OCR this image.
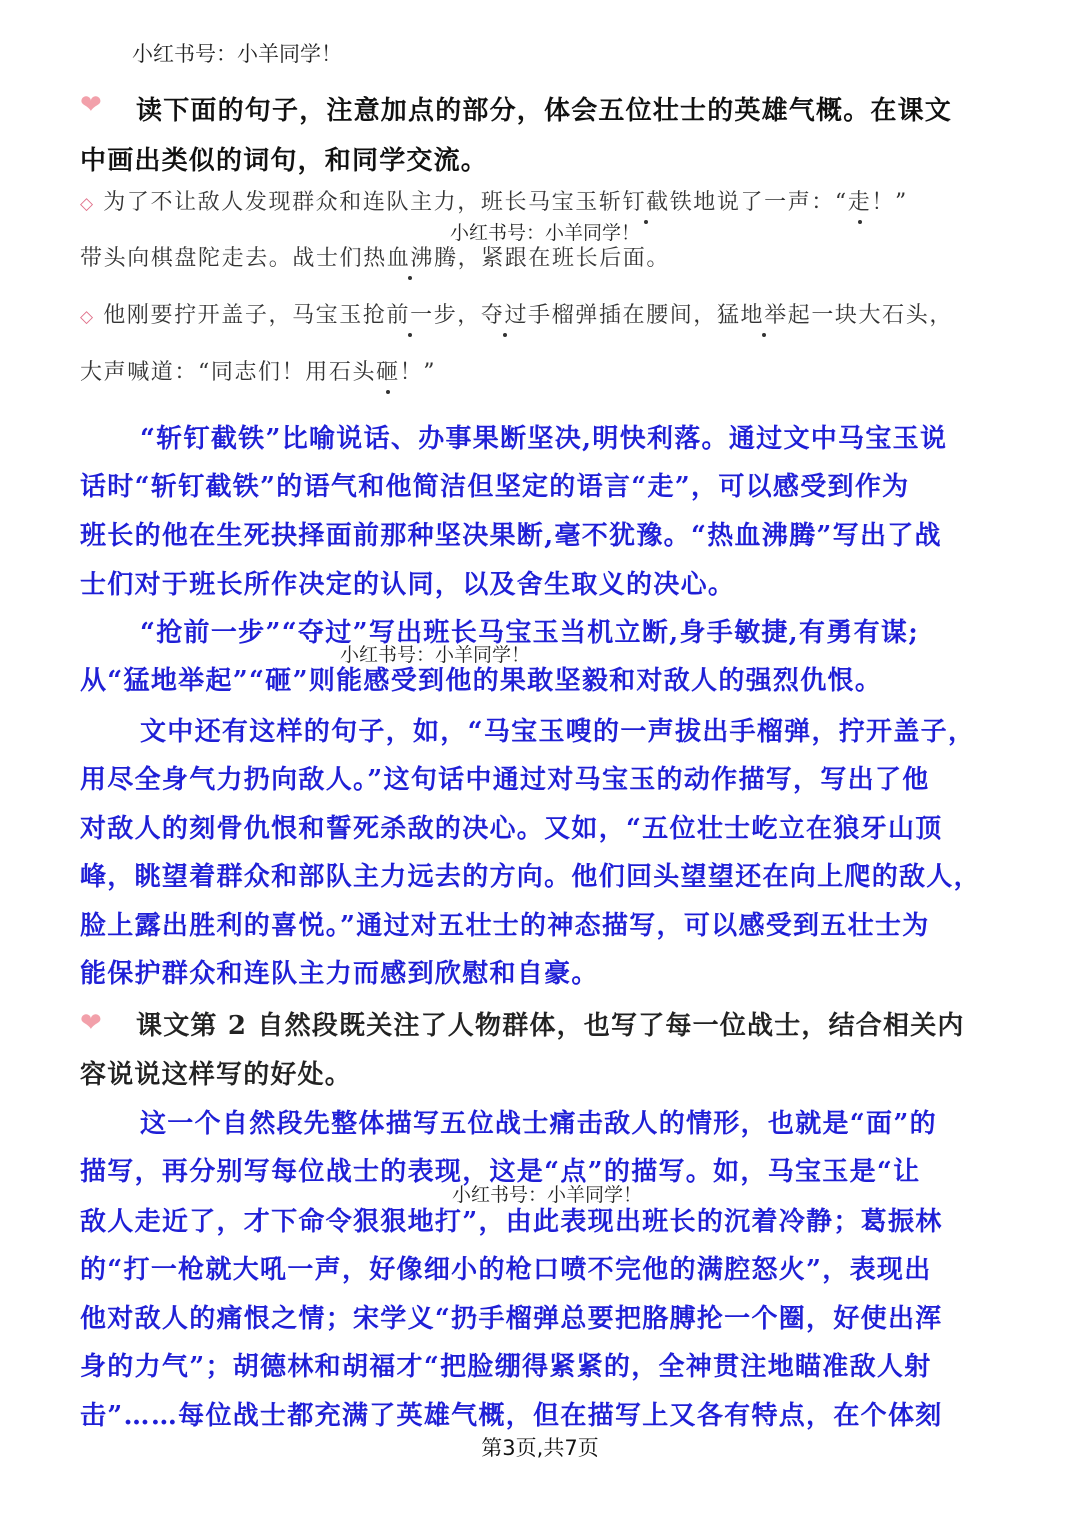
小红书号：小羊同学！
❤ 读下面的句子，注意加点的部分，体会五位壮士的英雄气概。在课文
中画出类似的词句，和同学交流。
◇ 为了不让敌人发现群众和连队主力，班长马宝玉斩钉截铁地说了一声：“走！”
小红书号：小羊同学！
带头向棋盘陀走去。战士们热血沸腾，紧跟在班长后面。
◇ 他刚要拧开盖子，马宝玉抢前一步，夺过手榴弹插在腰间，猛地举起一块大石头，
大声喊道：“同志们！用石头砸！”
“斩钉截铁”比喻说话、办事果断坚决,明快利落。通过文中马宝玉说
话时“斩钉截铁”的语气和他简洁但坚定的语言“走”，可以感受到作为
班长的他在生死抉择面前那种坚决果断,毫不犹豫。“热血沸腾”写出了战
士们对于班长所作决定的认同，以及舍生取义的决心。
“抢前一步”“夺过”写出班长马宝玉当机立断,身手敏捷,有勇有谋;
小红书号：小羊同学！
从“猛地举起”“砸”则能感受到他的果敢坚毅和对敌人的强烈仇恨。
文中还有这样的句子，如，“马宝玉嗖的一声拔出手榴弹，拧开盖子，
用尽全身气力扔向敌人。”这句话中通过对马宝玉的动作描写，写出了他
对敌人的刻骨仇恨和誓死杀敌的决心。又如，“五位壮士屹立在狼牙山顶
峰，眺望着群众和部队主力远去的方向。他们回头望望还在向上爬的敌人，
脸上露出胜利的喜悦。”通过对五壮士的神态描写，可以感受到五壮士为
能保护群众和连队主力而感到欣慰和自豪。
❤ 课文第 2 自然段既关注了人物群体，也写了每一位战士，结合相关内
容说说这样写的好处。
这一个自然段先整体描写五位战士痛击敌人的情形，也就是“面”的
描写，再分别写每位战士的表现，这是“点”的描写。如，马宝玉是“让
小红书号：小羊同学！
敌人走近了，才下命令狠狠地打”，由此表现出班长的沉着冷静；葛振林
的“打一枪就大吼一声，好像细小的枪口喷不完他的满腔怒火”，表现出
他对敌人的痛恨之情；宋学义“扔手榴弹总要把胳膊抡一个圈，好使出浑
身的力气”；胡德林和胡福才“把脸绷得紧紧的，全神贯注地瞄准敌人射
击”……每位战士都充满了英雄气概，但在描写上又各有特点，在个体刻
第3页,共7页
